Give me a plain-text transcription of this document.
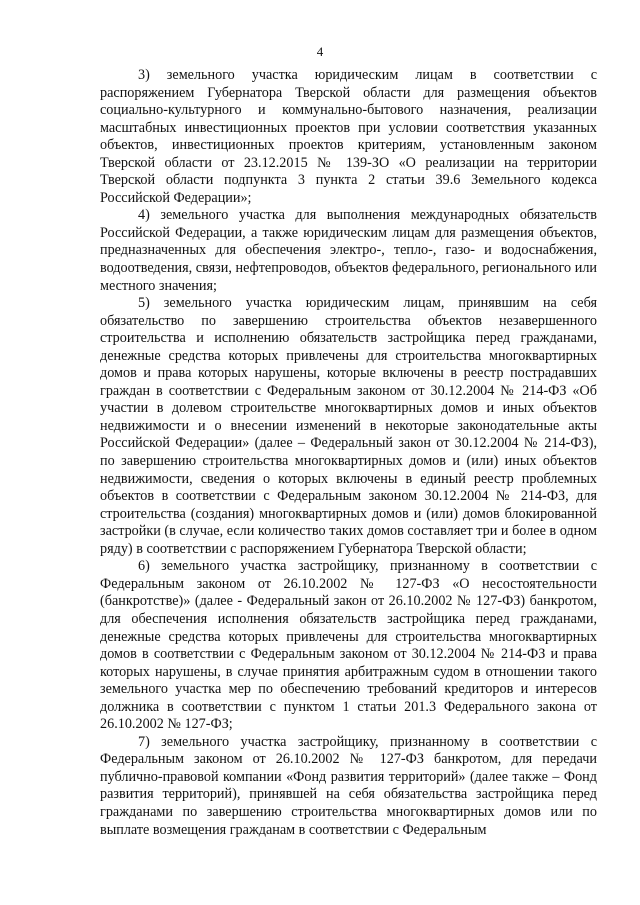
4

3) земельного участка юридическим лицам в соответствии с распоряжением Губернатора Тверской области для размещения объектов социально-культурного и коммунально-бытового назначения, реализации масштабных инвестиционных проектов при условии соответствия указанных объектов, инвестиционных проектов критериям, установленным законом Тверской области от 23.12.2015 № 139-ЗО «О реализации на территории Тверской области подпункта 3 пункта 2 статьи 39.6 Земельного кодекса Российской Федерации»;

4) земельного участка для выполнения международных обязательств Российской Федерации, а также юридическим лицам для размещения объектов, предназначенных для обеспечения электро-, тепло-, газо- и водоснабжения, водоотведения, связи, нефтепроводов, объектов федерального, регионального или местного значения;

5) земельного участка юридическим лицам, принявшим на себя обязательство по завершению строительства объектов незавершенного строительства и исполнению обязательств застройщика перед гражданами, денежные средства которых привлечены для строительства многоквартирных домов и права которых нарушены, которые включены в реестр пострадавших граждан в соответствии с Федеральным законом от 30.12.2004 № 214-ФЗ «Об участии в долевом строительстве многоквартирных домов и иных объектов недвижимости и о внесении изменений в некоторые законодательные акты Российской Федерации» (далее – Федеральный закон от 30.12.2004 № 214-ФЗ), по завершению строительства многоквартирных домов и (или) иных объектов недвижимости, сведения о которых включены в единый реестр проблемных объектов в соответствии с Федеральным законом 30.12.2004 № 214-ФЗ, для строительства (создания) многоквартирных домов и (или) домов блокированной застройки (в случае, если количество таких домов составляет три и более в одном ряду) в соответствии с распоряжением Губернатора Тверской области;

6) земельного участка застройщику, признанному в соответствии с Федеральным законом от 26.10.2002 № 127-ФЗ «О несостоятельности (банкротстве)» (далее - Федеральный закон от 26.10.2002 № 127-ФЗ) банкротом, для обеспечения исполнения обязательств застройщика перед гражданами, денежные средства которых привлечены для строительства многоквартирных домов в соответствии с Федеральным законом от 30.12.2004 № 214-ФЗ и права которых нарушены, в случае принятия арбитражным судом в отношении такого земельного участка мер по обеспечению требований кредиторов и интересов должника в соответствии с пунктом 1 статьи 201.3 Федерального закона от 26.10.2002 № 127-ФЗ;

7) земельного участка застройщику, признанному в соответствии с Федеральным законом от 26.10.2002 № 127-ФЗ банкротом, для передачи публично-правовой компании «Фонд развития территорий» (далее также – Фонд развития территорий), принявшей на себя обязательства застройщика перед гражданами по завершению строительства многоквартирных домов или по выплате возмещения гражданам в соответствии с Федеральным
